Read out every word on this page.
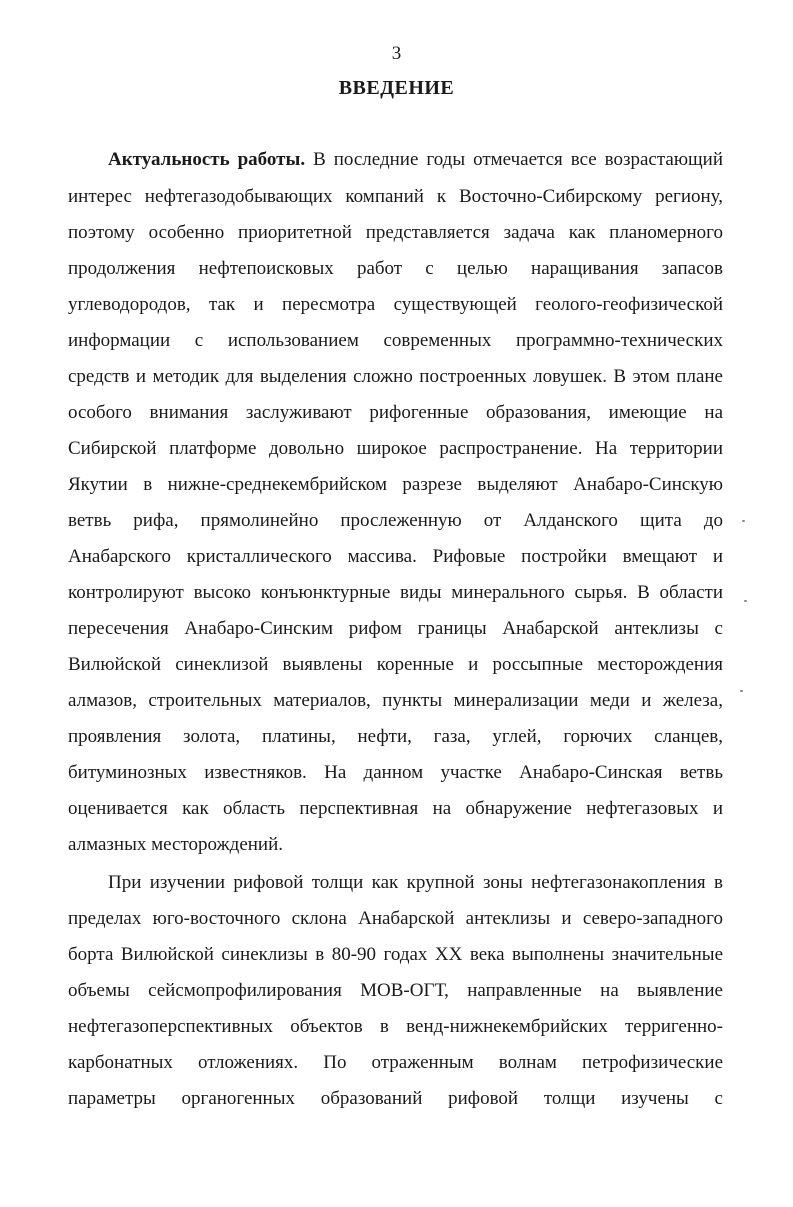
3
ВВЕДЕНИЕ
Актуальность работы. В последние годы отмечается все возрастающий
интерес нефтегазодобывающих компаний к Восточно-Сибирскому региону,
поэтому особенно приоритетной представляется задача как планомерного
продолжения нефтепоисковых работ с целью наращивания запасов
углеводородов, так и пересмотра существующей геолого-геофизической
информации с использованием современных программно-технических
средств и методик для выделения сложно построенных ловушек. В этом плане
особого внимания заслуживают рифогенные образования, имеющие на
Сибирской платформе довольно широкое распространение. На территории
Якутии в нижне-среднекембрийском разрезе выделяют Анабаро-Синскую
ветвь рифа, прямолинейно прослеженную от Алданского щита до
Анабарского кристаллического массива. Рифовые постройки вмещают и
контролируют высоко конъюнктурные виды минерального сырья. В области
пересечения Анабаро-Синским рифом границы Анабарской антеклизы с
Вилюйской синеклизой выявлены коренные и россыпные месторождения
алмазов, строительных материалов, пункты минерализации меди и железа,
проявления золота, платины, нефти, газа, углей, горючих сланцев,
битуминозных известняков. На данном участке Анабаро-Синская ветвь
оценивается как область перспективная на обнаружение нефтегазовых и
алмазных месторождений.
При изучении рифовой толщи как крупной зоны нефтегазонакопления в
пределах юго-восточного склона Анабарской антеклизы и северо-западного
борта Вилюйской синеклизы в 80-90 годах XX века выполнены значительные
объемы сейсмопрофилирования МОВ-ОГТ, направленные на выявление
нефтегазоперспективных объектов в венд-нижнекембрийских терригенно-
карбонатных отложениях. По отраженным волнам петрофизические
параметры органогенных образований рифовой толщи изучены с
